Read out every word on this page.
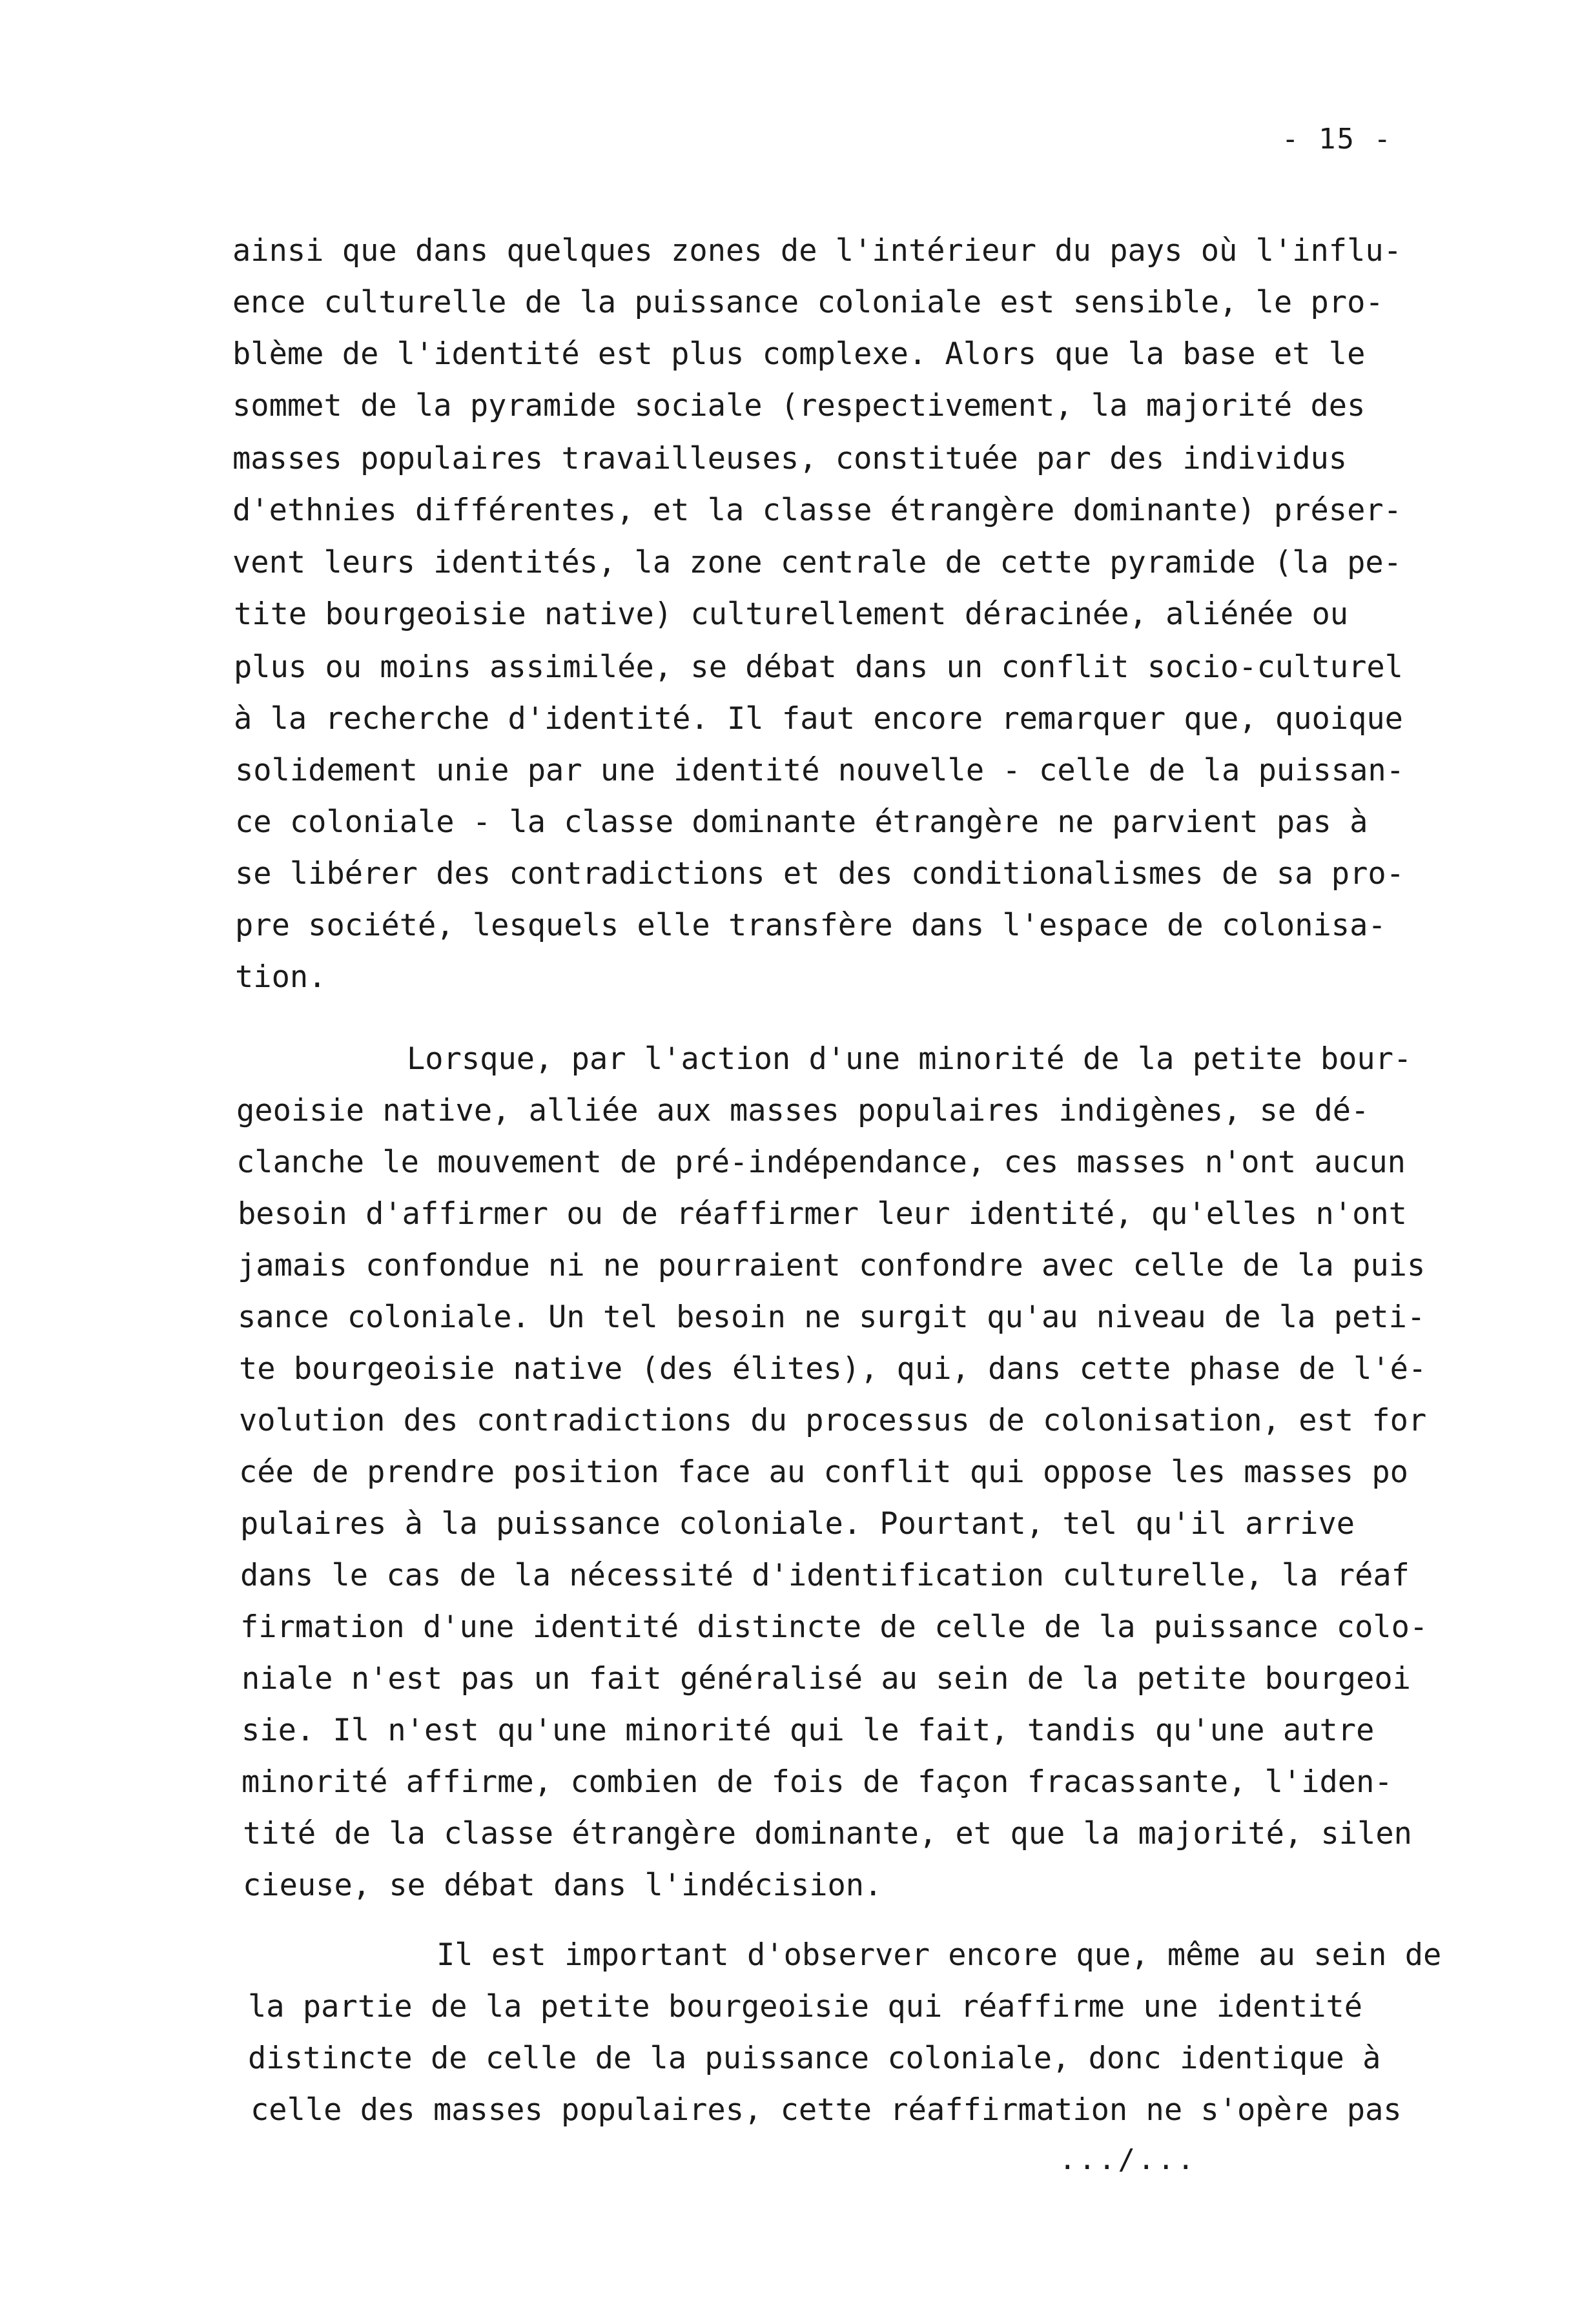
- 15 -
ainsi que dans quelques zones de l'intérieur du pays où l'influ-
ence culturelle de la puissance coloniale est sensible, le pro-
blème de l'identité est plus complexe. Alors que la base et le
sommet de la pyramide sociale (respectivement, la majorité des
masses populaires travailleuses, constituée par des individus
d'ethnies différentes, et la classe étrangère dominante) préser-
vent leurs identités, la zone centrale de cette pyramide (la pe-
tite bourgeoisie native) culturellement déracinée, aliénée ou
plus ou moins assimilée, se débat dans un conflit socio-culturel
à la recherche d'identité. Il faut encore remarquer que, quoique
solidement unie par une identité nouvelle - celle de la puissan-
ce coloniale - la classe dominante étrangère ne parvient pas à
se libérer des contradictions et des conditionalismes de sa pro-
pre société, lesquels elle transfère dans l'espace de colonisa-
tion.
Lorsque, par l'action d'une minorité de la petite bour-
geoisie native, alliée aux masses populaires indigènes, se dé-
clanche le mouvement de pré-indépendance, ces masses n'ont aucun
besoin d'affirmer ou de réaffirmer leur identité, qu'elles n'ont
jamais confondue ni ne pourraient confondre avec celle de la puis
sance coloniale. Un tel besoin ne surgit qu'au niveau de la peti-
te bourgeoisie native (des élites), qui, dans cette phase de l'é-
volution des contradictions du processus de colonisation, est for
cée de prendre position face au conflit qui oppose les masses po
pulaires à la puissance coloniale. Pourtant, tel qu'il arrive
dans le cas de la nécessité d'identification culturelle, la réaf
firmation d'une identité distincte de celle de la puissance colo-
niale n'est pas un fait généralisé au sein de la petite bourgeoi
sie. Il n'est qu'une minorité qui le fait, tandis qu'une autre
minorité affirme, combien de fois de façon fracassante, l'iden-
tité de la classe étrangère dominante, et que la majorité, silen
cieuse, se débat dans l'indécision.
Il est important d'observer encore que, même au sein de
la partie de la petite bourgeoisie qui réaffirme une identité
distincte de celle de la puissance coloniale, donc identique à
celle des masses populaires, cette réaffirmation ne s'opère pas
.../...
